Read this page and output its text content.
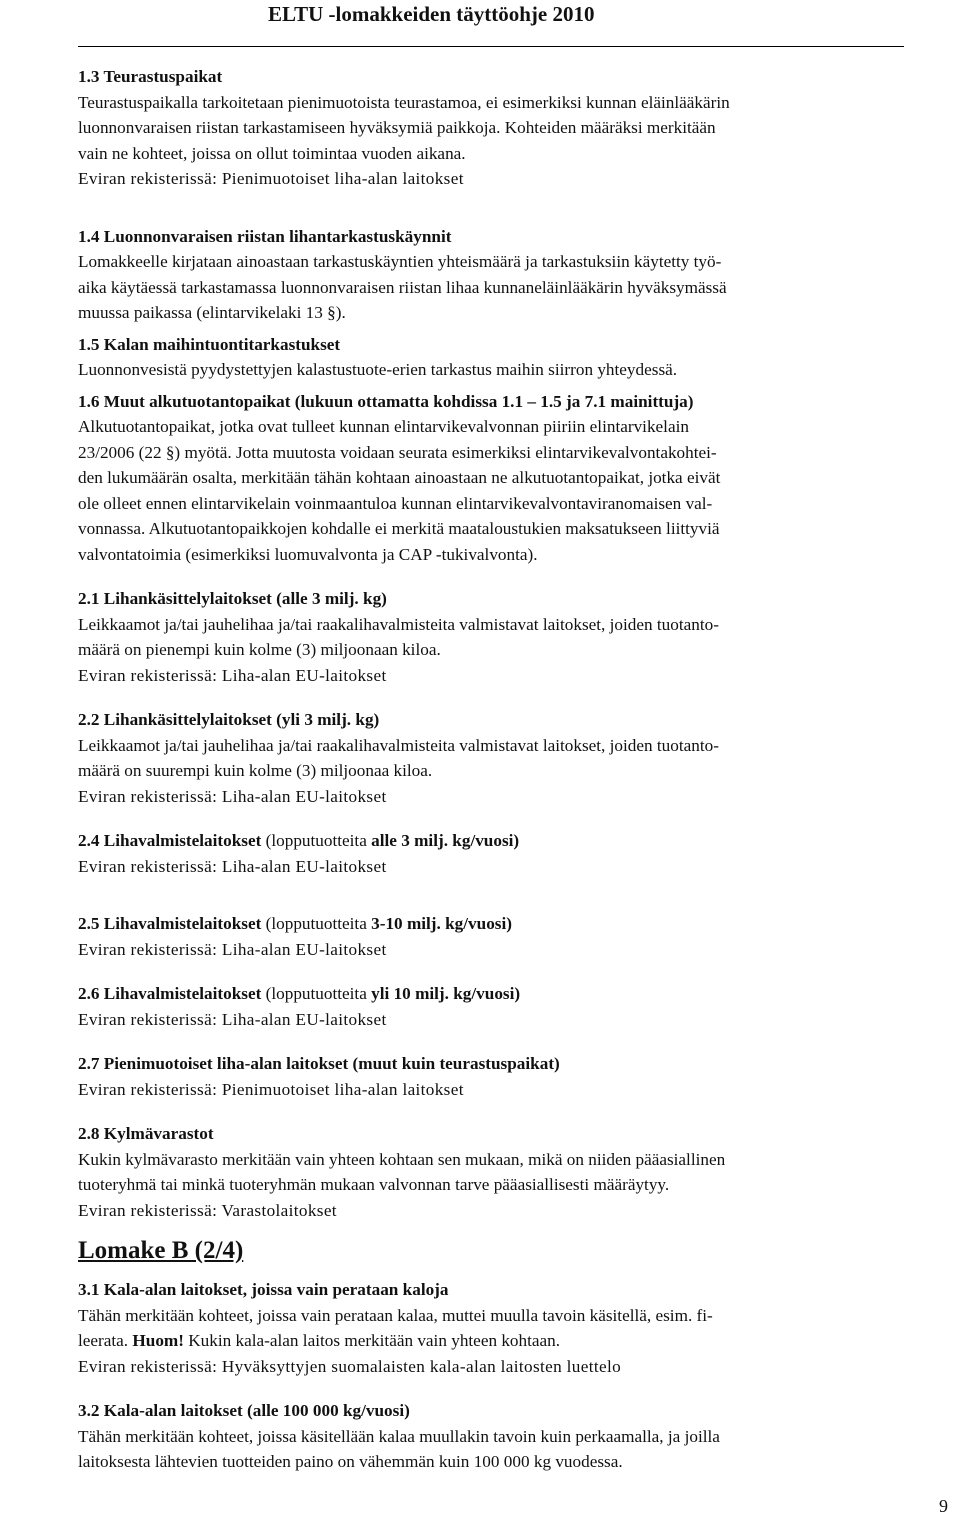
ELTU -lomakkeiden täyttöohje 2010
1.3 Teurastuspaikat
Teurastuspaikalla tarkoitetaan pienimuotoista teurastamoa, ei esimerkiksi kunnan eläinlääkärin
luonnonvaraisen riistan tarkastamiseen hyväksymiä paikkoja. Kohteiden määräksi merkitään
vain ne kohteet, joissa on ollut toimintaa vuoden aikana.
Eviran rekisterissä: Pienimuotoiset liha-alan laitokset
1.4 Luonnonvaraisen riistan lihantarkastuskäynnit
Lomakkeelle kirjataan ainoastaan tarkastuskäyntien yhteismäärä ja tarkastuksiin käytetty työ-
aika käytäessä tarkastamassa luonnonvaraisen riistan lihaa kunnaneläinlääkärin hyväksymässä
muussa paikassa (elintarvikelaki 13 §).
1.5 Kalan maihintuontitarkastukset
Luonnonvesistä pyydystettyjen kalastustuote-erien tarkastus maihin siirron yhteydessä.
1.6 Muut alkutuotantopaikat (lukuun ottamatta kohdissa 1.1 – 1.5 ja 7.1 mainittuja)
Alkutuotantopaikat, jotka ovat tulleet kunnan elintarvikevalvonnan piiriin elintarvikelain
23/2006 (22 §) myötä. Jotta muutosta voidaan seurata esimerkiksi elintarvikevalvontakohtei-
den lukumäärän osalta, merkitään tähän kohtaan ainoastaan ne alkutuotantopaikat, jotka eivät
ole olleet ennen elintarvikelain voinmaantuloa kunnan elintarvikevalvontaviranomaisen val-
vonnassa. Alkutuotantopaikkojen kohdalle ei merkitä maataloustukien maksatukseen liittyviä
valvontatoimia (esimerkiksi luomuvalvonta ja CAP -tukivalvonta).
2.1 Lihankäsittelylaitokset (alle 3 milj. kg)
Leikkaamot ja/tai jauhelihaa ja/tai raakalihavalmisteita valmistavat laitokset, joiden tuotanto-
määrä on pienempi kuin kolme (3) miljoonaan kiloa.
Eviran rekisterissä: Liha-alan EU-laitokset
2.2 Lihankäsittelylaitokset (yli 3 milj. kg)
Leikkaamot ja/tai jauhelihaa ja/tai raakalihavalmisteita valmistavat laitokset, joiden tuotanto-
määrä on suurempi kuin kolme (3) miljoonaa kiloa.
Eviran rekisterissä: Liha-alan EU-laitokset
2.4 Lihavalmistelaitokset (lopputuotteita alle 3 milj. kg/vuosi)
Eviran rekisterissä: Liha-alan EU-laitokset
2.5 Lihavalmistelaitokset (lopputuotteita 3-10 milj. kg/vuosi)
Eviran rekisterissä: Liha-alan EU-laitokset
2.6 Lihavalmistelaitokset (lopputuotteita yli 10 milj. kg/vuosi)
Eviran rekisterissä: Liha-alan EU-laitokset
2.7 Pienimuotoiset liha-alan laitokset (muut kuin teurastuspaikat)
Eviran rekisterissä: Pienimuotoiset liha-alan laitokset
2.8 Kylmävarastot
Kukin kylmävarasto merkitään vain yhteen kohtaan sen mukaan, mikä on niiden pääasiallinen
tuoteryhmä tai minkä tuoteryhmän mukaan valvonnan tarve pääasiallisesti määräytyy.
Eviran rekisterissä: Varastolaitokset
Lomake B (2/4)
3.1 Kala-alan laitokset, joissa vain perataan kaloja
Tähän merkitään kohteet, joissa vain perataan kalaa, muttei muulla tavoin käsitellä, esim. fi-
leerata. Huom! Kukin kala-alan laitos merkitään vain yhteen kohtaan.
Eviran rekisterissä: Hyväksyttyjen suomalaisten kala-alan laitosten luettelo
3.2 Kala-alan laitokset (alle 100 000 kg/vuosi)
Tähän merkitään kohteet, joissa käsitellään kalaa muullakin tavoin kuin perkaamalla, ja joilla
laitoksesta lähtevien tuotteiden paino on vähemmän kuin 100 000 kg vuodessa.
9
